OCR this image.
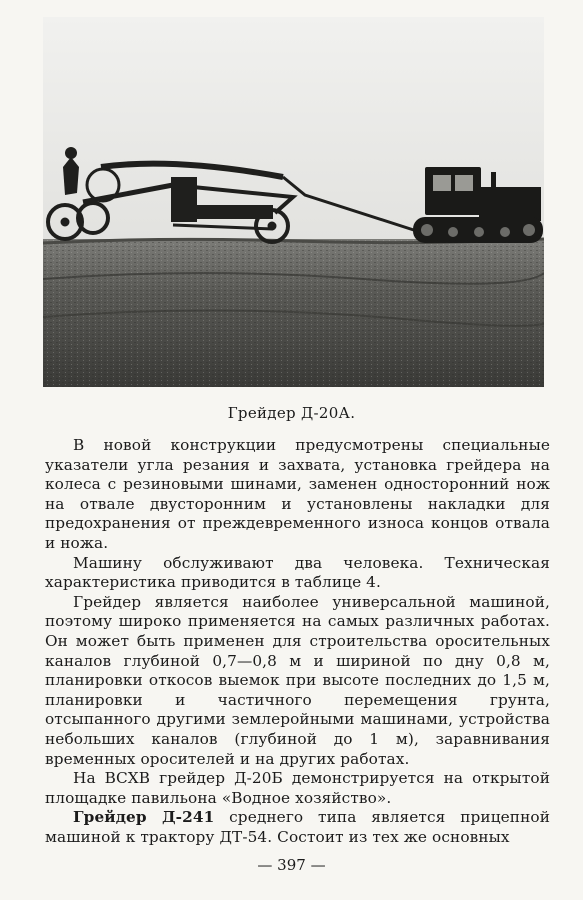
Грейдер Д-20А.

В новой конструкции предусмотрены специальные указатели угла резания и захвата, установка грейдера на колеса с резиновыми шинами, заменен односторонний нож на отвале двусторонним и установлены накладки для предохранения от преждевременного износа концов отвала и ножа.

Машину обслуживают два человека. Техническая характеристика приводится в таблице 4.

Грейдер является наиболее универсальной машиной, поэтому широко применяется на самых различных работах. Он может быть применен для строительства оросительных каналов глубиной 0,7—0,8 м и шириной по дну 0,8 м, планировки откосов выемок при высоте последних до 1,5 м, планировки и частичного перемещения грунта, отсыпанного другими землеройными машинами, устройства небольших каналов (глубиной до 1 м), заравнивания временных оросителей и на других работах.

На ВСХВ грейдер Д-20Б демонстрируется на открытой площадке павильона «Водное хозяйство».

Грейдер Д-241 среднего типа является прицепной машиной к трактору ДТ-54. Состоит из тех же основных

— 397 —
